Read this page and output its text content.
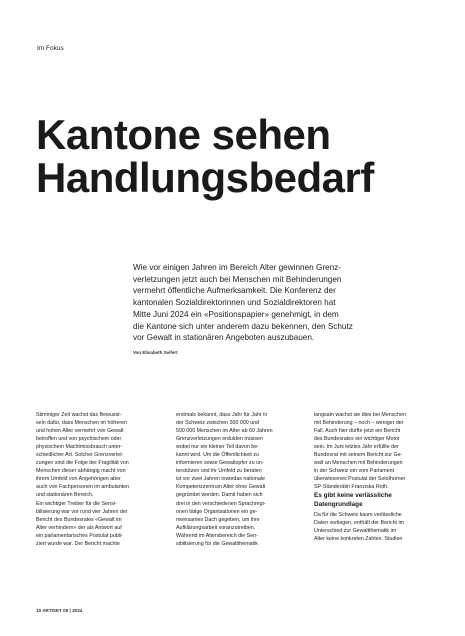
Im Fokus
Kantone sehen
Handlungsbedarf

Wie vor einigen Jahren im Bereich Alter gewinnen Grenz-
verletzungen jetzt auch bei Menschen mit Behinderungen
vermehrt öffentliche Aufmerksamkeit. Die Konferenz der
kantonalen Sozialdirektorinnen und Sozialdirektoren hat
Mitte Juni 2024 ein «Positionspapier» genehmigt, in dem
die Kantone sich unter anderem dazu bekennen, den Schutz
vor Gewalt in stationären Angeboten auszubauen.

Von Elisabeth Seifert
Stimmiger Zeit wachst das Bewusst-
sein dafür, dass Menschen im höheren
und hohen Alter vermehrt von Gewalt
betroffen und von psychischem oder
physischem Machtmissbrauch unter-
schiedlicher Art. Solcher Grenzverlet-
zungen sind die Folge der Fragilität von
Menschen dieser abhängig macht von
ihrem Umfeld von Angehörigen aber
auch von Fachpersonen im ambulanten
und stationären Bereich.
Ein wichtiger Treiber für die Sensi-
bilisierung war vor rund vier Jahren der
Bericht des Bundesrates «Gewalt im
Alter verhindern» der als Antwort auf
ein parlamentarisches Postulat publi-
ziert wurde war. Der Bericht machte
erstmals bekannt, dass Jahr für Jahr in
der Schweiz zwischen 300 000 und
500 000 Menschen im Alter ab 60 Jahren
Grenzverletzungen erdulden müssen
wobei nur ein kleiner Teil davon be-
kannt wird. Um die Öffentlichkeit zu
informieren sowie Gewaltopfer zu un-
terstützen und ihr Umfeld zu beraten
ist vor zwei Jahren inwiedas nationale
Kompetenzzentrum Alter ohne Gewalt
gegründet worden. Damit haben sich
drei in den verschiedenen Sprachregi-
onen tätige Organisationen ein ge-
meinsames Dach gegeben, um ihre
Aufklärungsarbeit voranzutreiben.
Während im Altersbereich die Sen-
sibilisierung für die Gewaltthematik
langsam wachst sie dies bei Menschen
mit Behinderung – noch – weniger der
Fall. Auch hier dürfte jetzt ein Bericht
des Bundesrates ein wichtiger Motor
sein. Im Juni letztes Jahr erfüllte der
Bundesrat mit seinem Bericht zur Ge-
walt an Menschen mit Behinderungen
in der Schweiz ein vom Parlament
überwiesenes Postulat der Solothurner
SP-Ständerätin Franziska Roth.
Es gibt keine verlässliche
Datengrundlage
Da für die Schweiz kaum verlässliche
Daten vorliegen, enthält der Bericht im
Unterschied zur Gewaltthematik im
Alter keine konkreten Zahlen. Studien
10 ARTISET 09 | 2024
